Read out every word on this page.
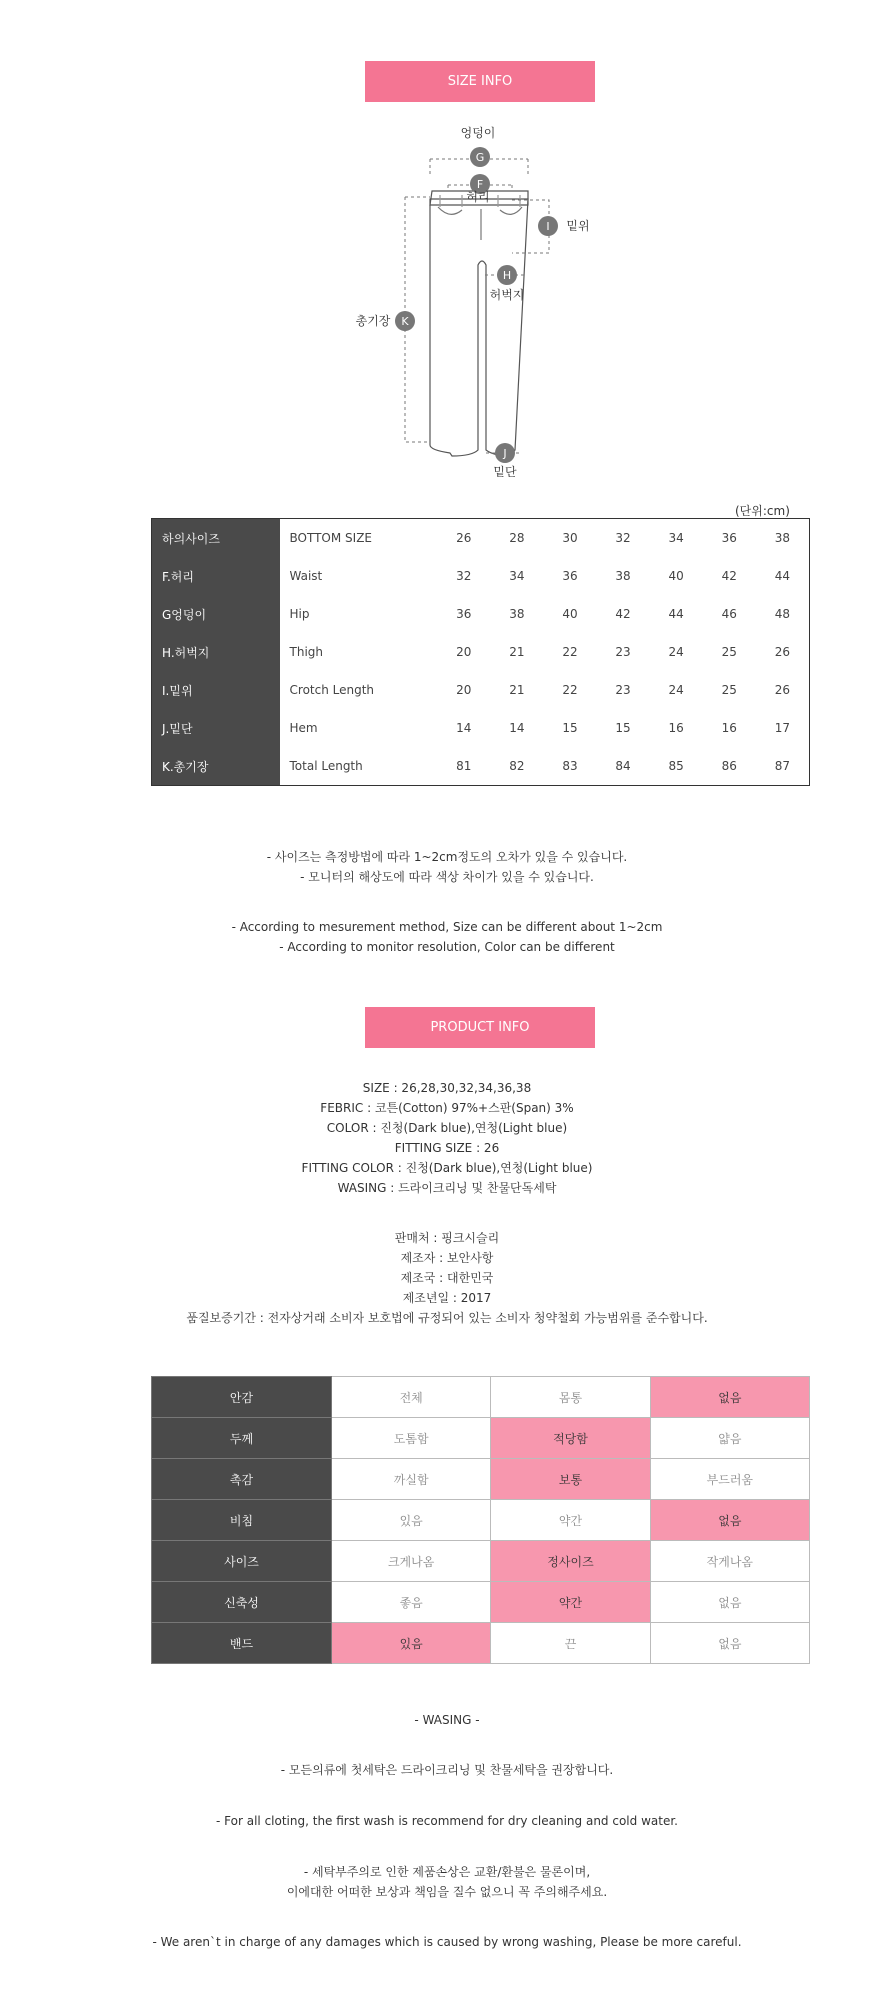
SIZE INFO
G
F
I
H
K
J
엉덩이
허리
밑위
허벅지
총기장
밑단
(단위:cm)
하의사이즈	BOTTOM SIZE	26	28	30	32	34	36	38
F.허리	Waist	32	34	36	38	40	42	44
G엉덩이	Hip	36	38	40	42	44	46	48
H.허벅지	Thigh	20	21	22	23	24	25	26
I.밑위	Crotch Length	20	21	22	23	24	25	26
J.밑단	Hem	14	14	15	15	16	16	17
K.총기장	Total Length	81	82	83	84	85	86	87
- 사이즈는 측정방법에 따라 1~2cm정도의 오차가 있을 수 있습니다.
- 모니터의 해상도에 따라 색상 차이가 있을 수 있습니다.
- According to mesurement method, Size can be different about 1~2cm
- According to monitor resolution, Color can be different
PRODUCT INFO
SIZE : 26,28,30,32,34,36,38
FEBRIC : 코튼(Cotton) 97%+스판(Span) 3%
COLOR : 진청(Dark blue),연청(Light blue)
FITTING SIZE : 26
FITTING COLOR : 진청(Dark blue),연청(Light blue)
WASING : 드라이크리닝 및 찬물단독세탁
판매처 : 핑크시슬리
제조자 : 보안사항
제조국 : 대한민국
제조년일 : 2017
품질보증기간 : 전자상거래 소비자 보호법에 규정되어 있는 소비자 청약철회 가능범위를 준수합니다.
안감	전체	몸통	없음
두께	도톰함	적당함	얇음
촉감	까실함	보통	부드러움
비침	있음	약간	없음
사이즈	크게나옴	정사이즈	작게나옴
신축성	좋음	약간	없음
밴드	있음	끈	없음
- WASING -
- 모든의류에 첫세탁은 드라이크리닝 및 찬물세탁을 권장합니다.
- For all cloting, the first wash is recommend for dry cleaning and cold water.
- 세탁부주의로 인한 제품손상은 교환/환불은 물론이며,
이에대한 어떠한 보상과 책임을 질수 없으니 꼭 주의해주세요.
- We aren`t in charge of any damages which is caused by wrong washing, Please be more careful.
